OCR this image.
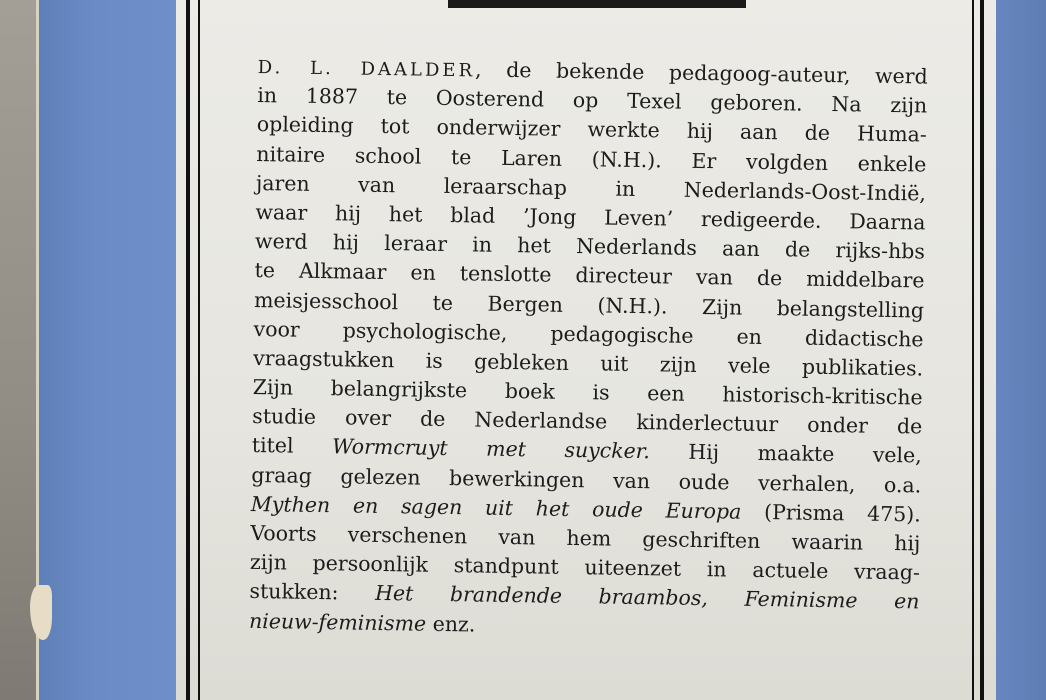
D. L. DAALDER, de bekende pedagoog-auteur, werd
in 1887 te Oosterend op Texel geboren. Na zijn
opleiding tot onderwijzer werkte hij aan de Huma-
nitaire school te Laren (N.H.). Er volgden enkele
jaren van leraarschap in Nederlands-Oost-Indië,
waar hij het blad ’Jong Leven’ redigeerde. Daarna
werd hij leraar in het Nederlands aan de rijks-hbs
te Alkmaar en tenslotte directeur van de middelbare
meisjesschool te Bergen (N.H.). Zijn belangstelling
voor psychologische, pedagogische en didactische
vraagstukken is gebleken uit zijn vele publikaties.
Zijn belangrijkste boek is een historisch-kritische
studie over de Nederlandse kinderlectuur onder de
titel Wormcruyt met suycker. Hij maakte vele,
graag gelezen bewerkingen van oude verhalen, o.a.
Mythen en sagen uit het oude Europa (Prisma 475).
Voorts verschenen van hem geschriften waarin hij
zijn persoonlijk standpunt uiteenzet in actuele vraag-
stukken: Het brandende braambos, Feminisme en
nieuw-feminisme enz.
